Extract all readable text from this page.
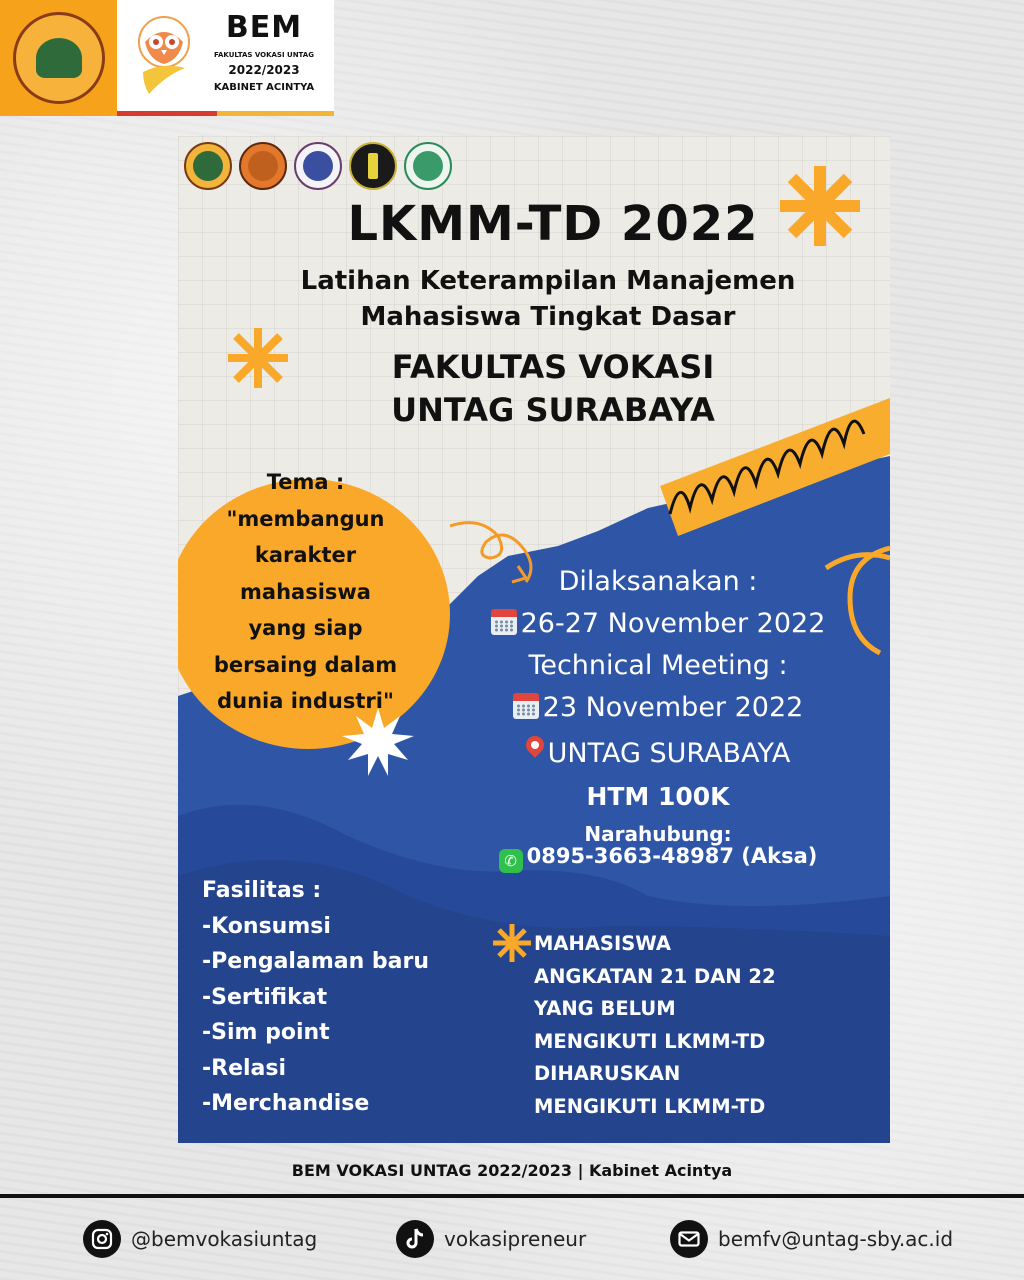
BEM
FAKULTAS VOKASI UNTAG
2022/2023
KABINET ACINTYA
LKMM-TD 2022
Latihan Keterampilan Manajemen
Mahasiswa Tingkat Dasar
FAKULTAS VOKASI
UNTAG SURABAYA
Tema :
"membangun
karakter
mahasiswa
yang siap
bersaing dalam
dunia industri"
Dilaksanakan :
26-27 November 2022
Technical Meeting :
23 November 2022
UNTAG SURABAYA
HTM 100K
Narahubung:
✆ 0895-3663-48987 (Aksa)
Fasilitas :
-Konsumsi
-Pengalaman baru
-Sertifikat
-Sim point
-Relasi
-Merchandise
MAHASISWA
ANGKATAN 21 DAN 22
YANG BELUM
MENGIKUTI LKMM-TD
DIHARUSKAN
MENGIKUTI LKMM-TD
BEM VOKASI UNTAG 2022/2023 | Kabinet Acintya
@bemvokasiuntag	vokasipreneur	bemfv@untag-sby.ac.id
